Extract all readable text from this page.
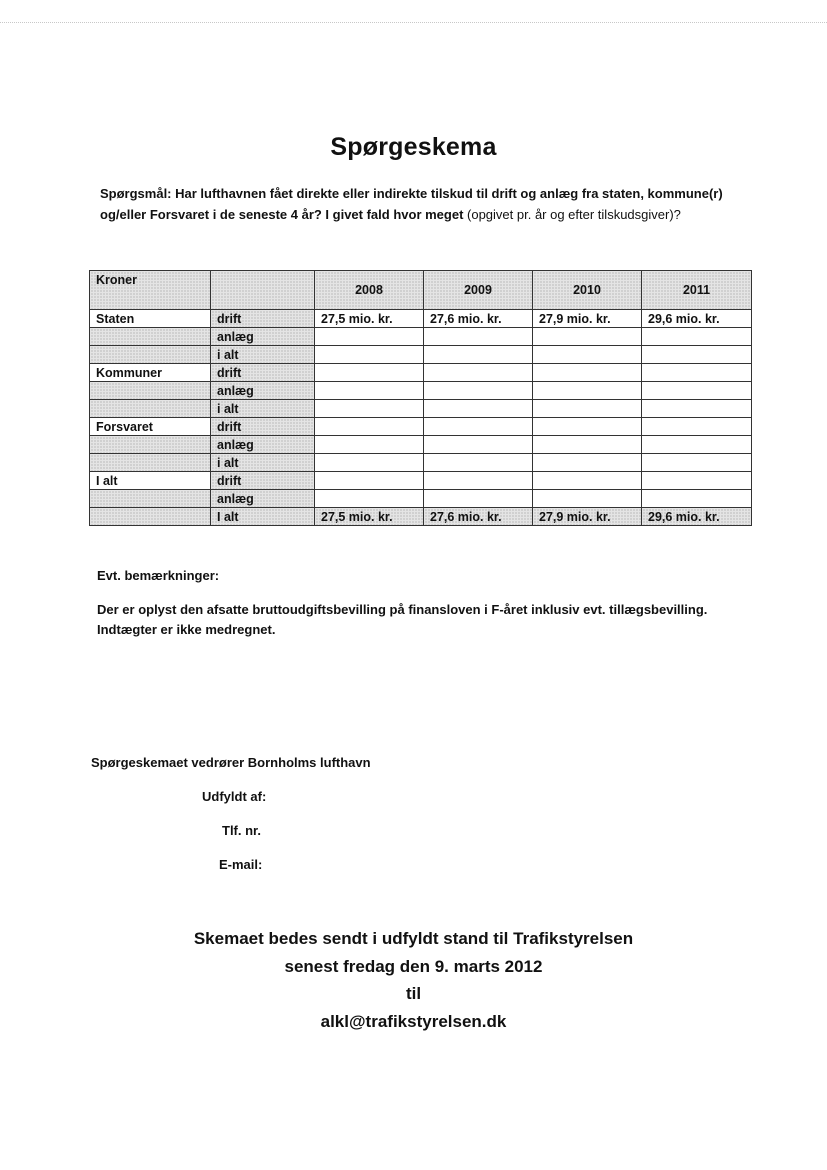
Spørgeskema
Spørgsmål: Har lufthavnen fået direkte eller indirekte tilskud til drift og anlæg fra staten, kommune(r) og/eller Forsvaret i de seneste 4 år? I givet fald hvor meget (opgivet pr. år og efter tilskudsgiver)?
Kroner		2008	2009	2010	2011
Staten	drift	27,5 mio. kr.	27,6 mio. kr.	27,9 mio. kr.	29,6 mio. kr.
	anlæg				
	i alt				
Kommuner	drift				
	anlæg				
	i alt				
Forsvaret	drift				
	anlæg				
	i alt				
I alt	drift				
	anlæg				
	I alt	27,5 mio. kr.	27,6 mio. kr.	27,9 mio. kr.	29,6 mio. kr.
Evt. bemærkninger:
Der er oplyst den afsatte bruttoudgiftsbevilling på finansloven i F-året inklusiv evt. tillægsbevilling.
Indtægter er ikke medregnet.
Spørgeskemaet vedrører Bornholms lufthavn
Udfyldt af:
Tlf. nr.
E-mail:
Skemaet bedes sendt i udfyldt stand til Trafikstyrelsen
senest fredag den 9. marts 2012
til
alkl@trafikstyrelsen.dk
